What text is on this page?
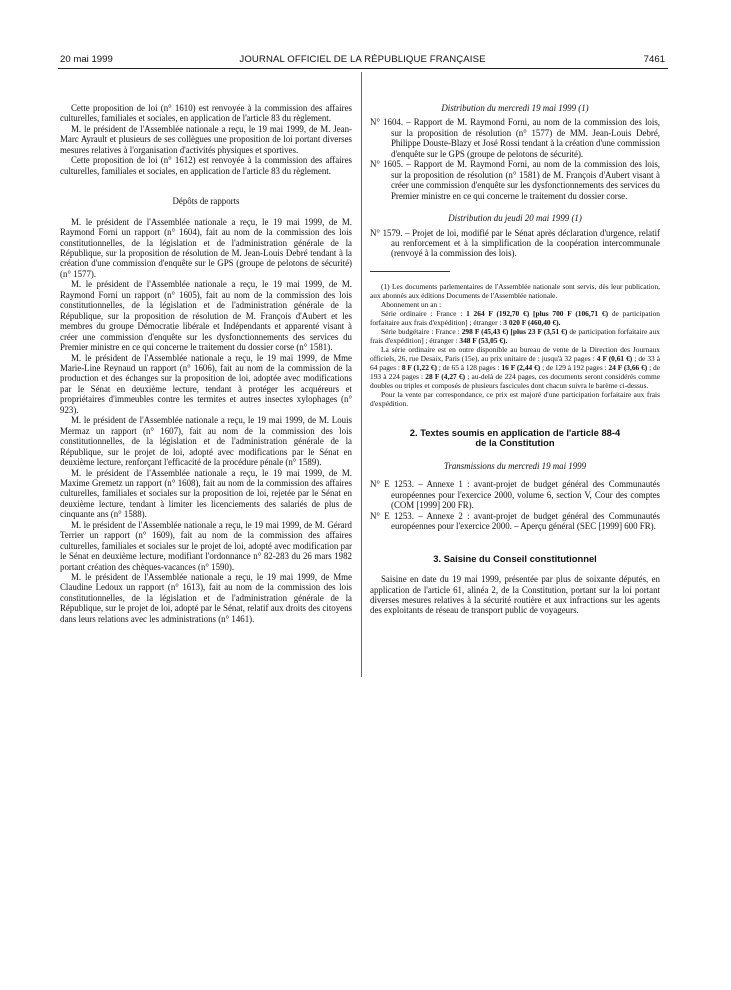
20 mai 1999	JOURNAL OFFICIEL DE LA RÉPUBLIQUE FRANÇAISE	7461

Cette proposition de loi (n° 1610) est renvoyée à la commission des affaires culturelles, familiales et sociales, en application de l'article 83 du règlement.

M. le président de l'Assemblée nationale a reçu, le 19 mai 1999, de M. Jean-Marc Ayrault et plusieurs de ses collègues une proposition de loi portant diverses mesures relatives à l'organisation d'activités physiques et sportives.

Cette proposition de loi (n° 1612) est renvoyée à la commission des affaires culturelles, familiales et sociales, en application de l'article 83 du règlement.

Dépôts de rapports

M. le président de l'Assemblée nationale a reçu, le 19 mai 1999, de M. Raymond Forni un rapport (n° 1604), fait au nom de la commission des lois constitutionnelles, de la législation et de l'administration générale de la République, sur la proposition de résolution de M. Jean-Louis Debré tendant à la création d'une commission d'enquête sur le GPS (groupe de pelotons de sécurité) (n° 1577).

M. le président de l'Assemblée nationale a reçu, le 19 mai 1999, de M. Raymond Forni un rapport (n° 1605), fait au nom de la commission des lois constitutionnelles, de la législation et de l'administration générale de la République, sur la proposition de résolution de M. François d'Aubert et les membres du groupe Démocratie libérale et Indépendants et apparenté visant à créer une commission d'enquête sur les dysfonctionnements des services du Premier ministre en ce qui concerne le traitement du dossier corse (n° 1581).

M. le président de l'Assemblée nationale a reçu, le 19 mai 1999, de Mme Marie-Line Reynaud un rapport (n° 1606), fait au nom de la commission de la production et des échanges sur la proposition de loi, adoptée avec modifications par le Sénat en deuxième lecture, tendant à protéger les acquéreurs et propriétaires d'immeubles contre les termites et autres insectes xylophages (n° 923).

M. le président de l'Assemblée nationale a reçu, le 19 mai 1999, de M. Louis Mermaz un rapport (n° 1607), fait au nom de la commission des lois constitutionnelles, de la législation et de l'administration générale de la République, sur le projet de loi, adopté avec modifications par le Sénat en deuxième lecture, renforçant l'efficacité de la procédure pénale (n° 1589).

M. le président de l'Assemblée nationale a reçu, le 19 mai 1999, de M. Maxime Gremetz un rapport (n° 1608), fait au nom de la commission des affaires culturelles, familiales et sociales sur la proposition de loi, rejetée par le Sénat en deuxième lecture, tendant à limiter les licenciements des salariés de plus de cinquante ans (n° 1588).

M. le président de l'Assemblée nationale a reçu, le 19 mai 1999, de M. Gérard Terrier un rapport (n° 1609), fait au nom de la commission des affaires culturelles, familiales et sociales sur le projet de loi, adopté avec modification par le Sénat en deuxième lecture, modifiant l'ordonnance n° 82-283 du 26 mars 1982 portant création des chèques-vacances (n° 1590).

M. le président de l'Assemblée nationale a reçu, le 19 mai 1999, de Mme Claudine Ledoux un rapport (n° 1613), fait au nom de la commission des lois constitutionnelles, de la législation et de l'administration générale de la République, sur le projet de loi, adopté par le Sénat, relatif aux droits des citoyens dans leurs relations avec les administrations (n° 1461).

Distribution du mercredi 19 mai 1999 (1)

N° 1604. – Rapport de M. Raymond Forni, au nom de la commission des lois, sur la proposition de résolution (n° 1577) de MM. Jean-Louis Debré, Philippe Douste-Blazy et José Rossi tendant à la création d'une commission d'enquête sur le GPS (groupe de pelotons de sécurité).

N° 1605. – Rapport de M. Raymond Forni, au nom de la commission des lois, sur la proposition de résolution (n° 1581) de M. François d'Aubert visant à créer une commission d'enquête sur les dysfonctionnements des services du Premier ministre en ce qui concerne le traitement du dossier corse.

Distribution du jeudi 20 mai 1999 (1)

N° 1579. – Projet de loi, modifié par le Sénat après déclaration d'urgence, relatif au renforcement et à la simplification de la coopération intercommunale (renvoyé à la commission des lois).

(1) Les documents parlementaires de l'Assemblée nationale sont servis, dès leur publication, aux abonnés aux éditions Documents de l'Assemblée nationale.

Abonnement un an :

Série ordinaire : France : 1 264 F (192,70 €) [plus 700 F (106,71 €) de participation forfaitaire aux frais d'expédition] ; étranger : 3 020 F (460,40 €).

Série budgétaire : France : 298 F (45,43 €) [plus 23 F (3,51 €) de participation forfaitaire aux frais d'expédition] ; étranger : 348 F (53,05 €).

La série ordinaire est en outre disponible au bureau de vente de la Direction des Journaux officiels, 26, rue Desaix, Paris (15e), au prix unitaire de : jusqu'à 32 pages : 4 F (0,61 €) ; de 33 à 64 pages : 8 F (1,22 €) ; de 65 à 128 pages : 16 F (2,44 €) ; de 129 à 192 pages : 24 F (3,66 €) ; de 193 à 224 pages : 28 F (4,27 €) ; au-delà de 224 pages, ces documents seront considérés comme doubles ou triples et composés de plusieurs fascicules dont chacun suivra le barème ci-dessus.

Pour la vente par correspondance, ce prix est majoré d'une participation forfaitaire aux frais d'expédition.

2. Textes soumis en application de l'article 88-4

de la Constitution

Transmissions du mercredi 19 mai 1999

N° E 1253. – Annexe 1 : avant-projet de budget général des Communautés européennes pour l'exercice 2000, volume 6, section V, Cour des comptes (COM [1999] 200 FR).

N° E 1253. – Annexe 2 : avant-projet de budget général des Communautés européennes pour l'exercice 2000. – Aperçu général (SEC [1999] 600 FR).

3. Saisine du Conseil constitutionnel

Saisine en date du 19 mai 1999, présentée par plus de soixante députés, en application de l'article 61, alinéa 2, de la Constitution, portant sur la loi portant diverses mesures relatives à la sécurité routière et aux infractions sur les agents des exploitants de réseau de transport public de voyageurs.
